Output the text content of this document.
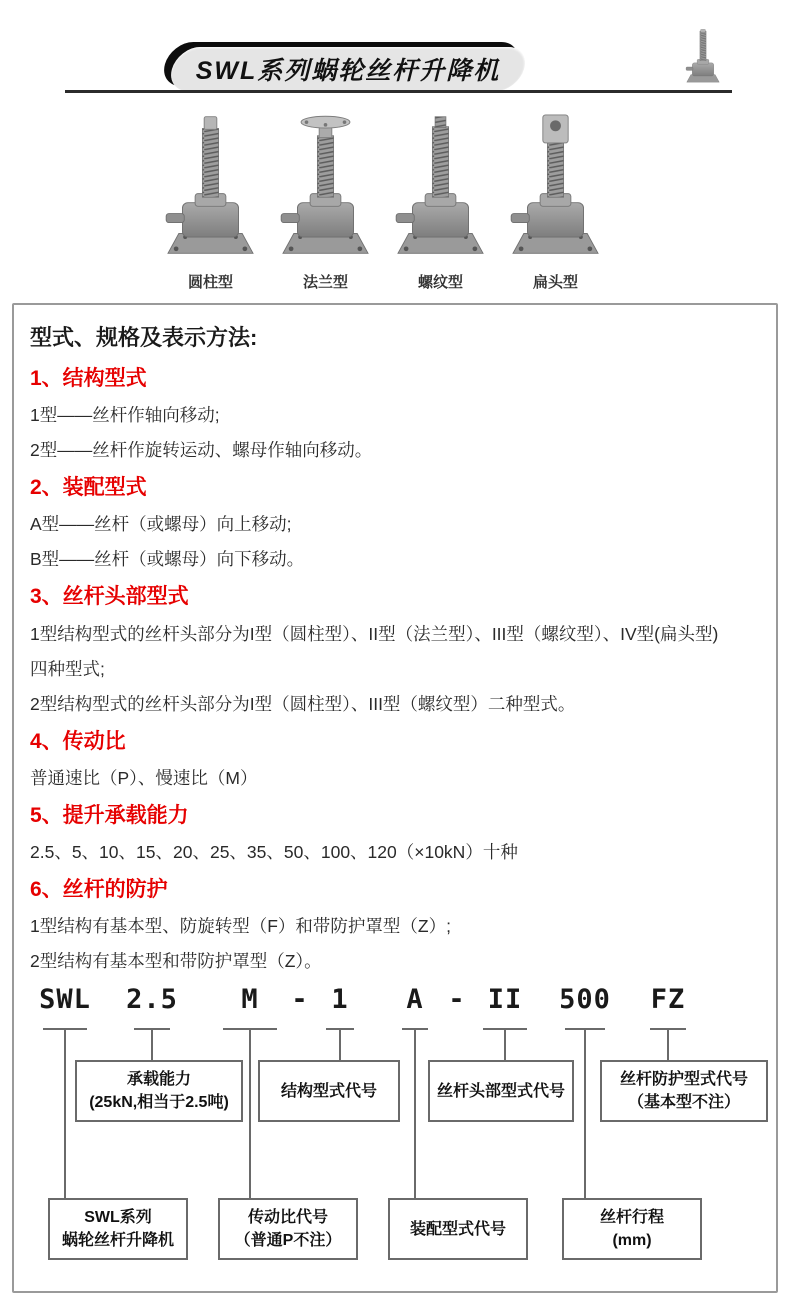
SWL系列蜗轮丝杆升降机
圆柱型	法兰型	螺纹型	扁头型
型式、规格及表示方法:
1、结构型式
1型——丝杆作轴向移动;
2型——丝杆作旋转运动、螺母作轴向移动。
2、装配型式
A型——丝杆（或螺母）向上移动;
B型——丝杆（或螺母）向下移动。
3、丝杆头部型式
1型结构型式的丝杆头部分为I型（圆柱型）、II型（法兰型）、III型（螺纹型）、IV型(扁头型)
四种型式;
2型结构型式的丝杆头部分为I型（圆柱型）、III型（螺纹型）二种型式。
4、传动比
普通速比（P）、慢速比（M）
5、提升承载能力
2.5、5、10、15、20、25、35、50、100、120（×10kN）十种
6、丝杆的防护
1型结构有基本型、防旋转型（F）和带防护罩型（Z）;
2型结构有基本型和带防护罩型（Z）。
SWL 2.5 M - 1 A - II 500 FZ
承载能力
(25kN,相当于2.5吨)
结构型式代号	丝杆头部型式代号
丝杆防护型式代号
（基本型不注）
SWL系列
蜗轮丝杆升降机
传动比代号
（普通P不注）
装配型式代号
丝杆行程
(mm)
